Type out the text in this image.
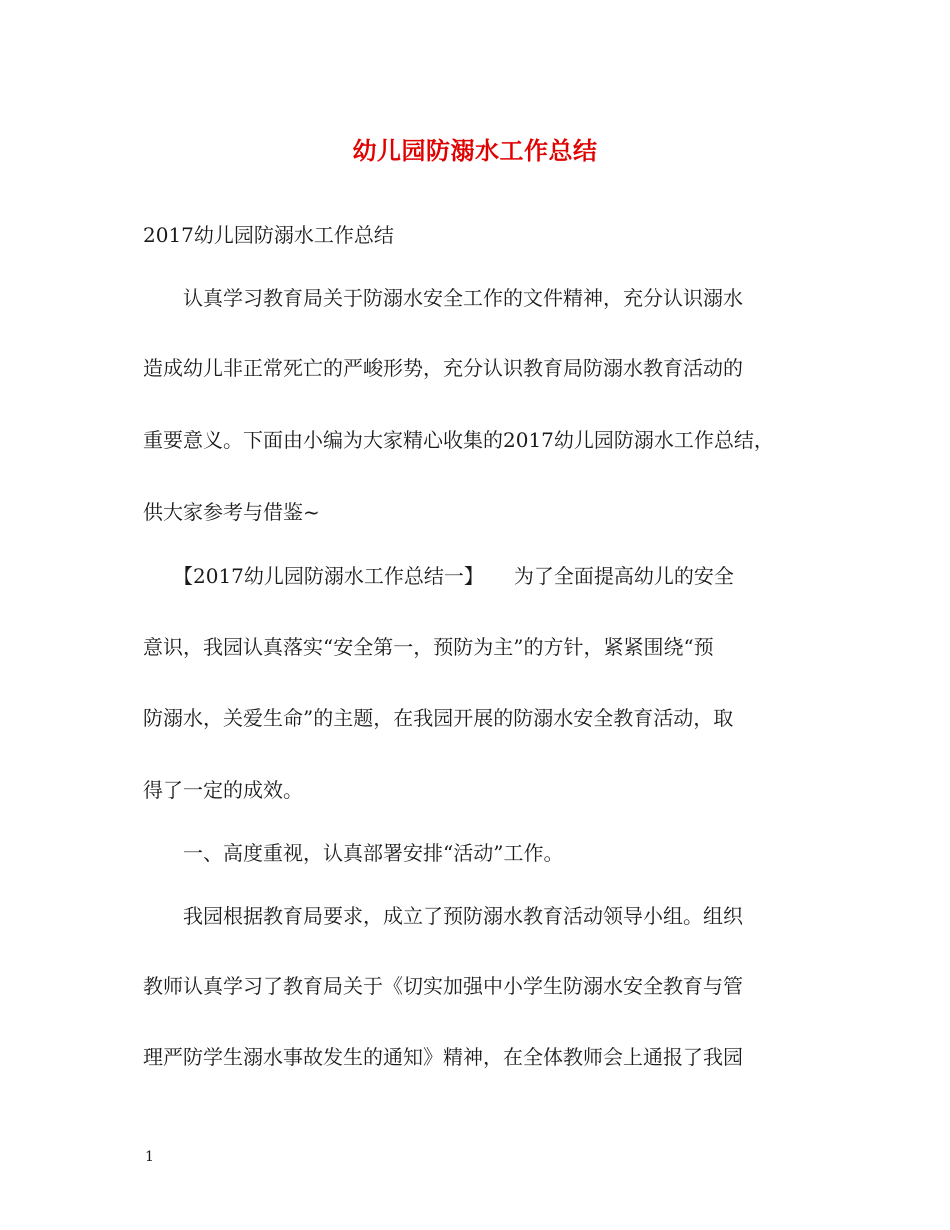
幼儿园防溺水工作总结
2017幼儿园防溺水工作总结
　　认真学习教育局关于防溺水安全工作的文件精神，充分认识溺水
造成幼儿非正常死亡的严峻形势，充分认识教育局防溺水教育活动的
重要意义。下面由小编为大家精心收集的2017幼儿园防溺水工作总结，
供大家参考与借鉴~
　　【2017幼儿园防溺水工作总结一】　　为了全面提高幼儿的安全
意识，我园认真落实“安全第一，预防为主”的方针，紧紧围绕“预
防溺水，关爱生命”的主题，在我园开展的防溺水安全教育活动，取
得了一定的成效。
　　一、高度重视，认真部署安排“活动”工作。
　　我园根据教育局要求，成立了预防溺水教育活动领导小组。组织
教师认真学习了教育局关于《切实加强中小学生防溺水安全教育与管
理严防学生溺水事故发生的通知》精神，在全体教师会上通报了我园
1
